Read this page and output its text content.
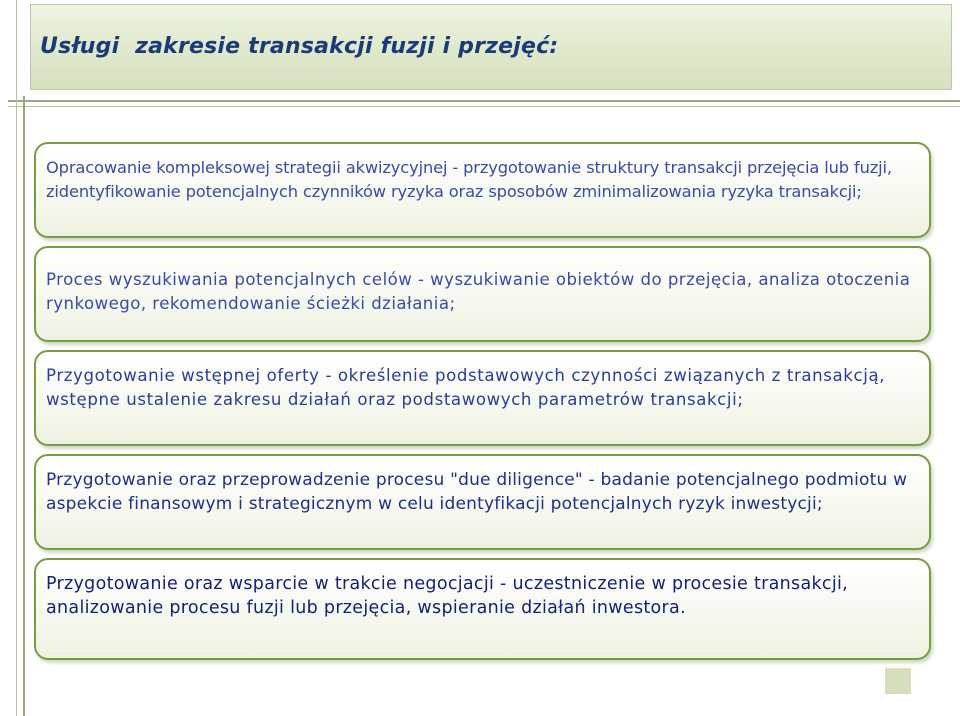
Usługi  zakresie transakcji fuzji i przejęć:

Opracowanie kompleksowej strategii akwizycyjnej - przygotowanie struktury transakcji przejęcia lub fuzji, zidentyfikowanie potencjalnych czynników ryzyka oraz sposobów zminimalizowania ryzyka transakcji;

Proces wyszukiwania potencjalnych celów - wyszukiwanie obiektów do przejęcia, analiza otoczenia rynkowego, rekomendowanie ścieżki działania;

Przygotowanie wstępnej oferty - określenie podstawowych czynności związanych z transakcją, wstępne ustalenie zakresu działań oraz podstawowych parametrów transakcji;

Przygotowanie oraz przeprowadzenie procesu "due diligence" - badanie potencjalnego podmiotu w aspekcie finansowym i strategicznym w celu identyfikacji potencjalnych ryzyk inwestycji;

Przygotowanie oraz wsparcie w trakcie negocjacji - uczestniczenie w procesie transakcji, analizowanie procesu fuzji lub przejęcia, wspieranie działań inwestora.
